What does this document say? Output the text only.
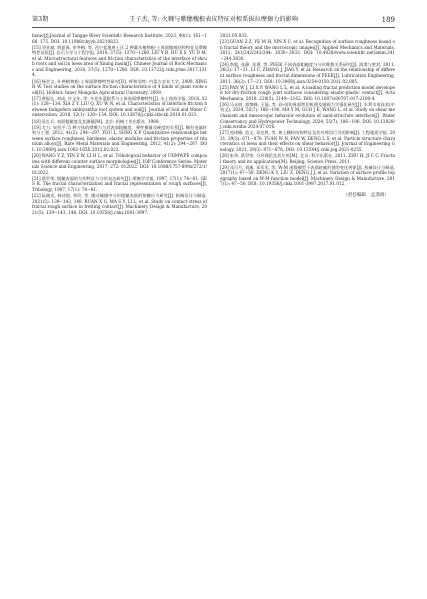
第3期	王子杰, 等: 火棘与紫穗槐根表皮特征对根系拔拉摩擦力的影响	189

faxue[J].Journal of Tangge River Scientific Research Institute, 2023, 40(1): 161−166, 175. DOI: 10.11988/ckyyb.20210822.

[15]刘亚斌, 胡夏嵩, 余冬梅, 等. 西宁盆地黄土区 2 种灌木植物根-土界面微观结构特征及摩擦特性试验[J]. 岩石力学与工程学报, 2018, 37(5): 1270−1280. LIU Y B, HU X S, YU D M, et al. Microstructural features and friction characteristics of the interface of shrub roots and soil in loess area of Xining basin[J]. Chinese Journal of Rock Mechanics and Engineering, 2018, 37(5): 1270−1280. DOI: 10.13722/j.cnki.jrme.2017.1314.

[16]杨会文. 4 种植物根-土界面摩擦特性研究[D]. 呼和浩特: 内蒙古农业大学, 2009. XING H W. Test studies on the surface friction characteristics of 4 kinds of plant roots-soil[D]. Hohhot: Inner Mongolia Agricultural University, 2009.

[17]黄振弘, 刘成, 许文年, 等. 多花木蓝根系与土体界面摩擦特性[J]. 水土保持学报, 2018, 32(1): 128−134. XIA Z Y, LIU Q, XU W N, et al. Characteristics of interface friction between Indigofera amblyantha root system and soil[J]. Journal of Soil and Water Conservation, 2018, 32(1): 128−134. DOI: 10.13870/j.cnki.stbcxb.2018.01.021.

[18]袁长兵. 表面粗糙度及其测量[M]. 北京: 机械工业出版社, 1989.

[19]尤力, 宋西平. 5 种刀丝的摩擦力与其表面粗糙度、弹性模量及硬度的关系[J]. 稀有金属材料与工程, 2012, 41(2): 294−297. YOU L, SONG X P. Quantitative relationships between surface roughness, hardness, elastic modulus and friction properties of titanium alloys[J]. Rare Metal Materials and Engineering, 2012, 41(2): 294−297. DOI: 10.3969/j.issn.1002-185X.2012.02.023.

[20]WANG Y Z, YIN Z W, LI H L, et al. Tribological behavior of UHMWPE composites with different counter surface morphologies[J]. IOP Conference Series: Materials Science and Engineering, 2017, 272: 012022. DOI: 10.1088/1757-899x/272/1/012022.

[21]葛世荣. 粗糙表面的分形特征与分形表达研究[J]. 摩擦学学报, 1997, 17(1): 74−81. GE S R. The fractal characterization and fractal representation of rough surfaces[J]. Tribology, 1997, 17(1): 74−81.

[22]阮晓光, 林诗韵, 李玲, 等. 微动碰撞中分形粗糙表面的接触应力研究[J]. 机械设计与制造, 2021(5): 139−143, 148. RUAN X G, MA S Y, LI L, et al. Study on contact stress of fractal rough surface in fretting contact[J]. Machinery Design & Manufacture, 2021(5): 139−143, 148. DOI: 10.19356/j.cnki.1001-3997.

2021.05.033.

[23]GUAN Z Z, YE M H, YIN X C, et al. Recognition of surface roughness based on fractal theory and the microscopic images[J]. Applied Mechanics and Materials, 2012, 241/242/243/244: 3030−3033. DOI: 10.4028/www.scientific.net/amm.241−244.3030.

[24]李超, 张静, 张勇, 等. PEEK 不同表面粗糙度与分形维数关系研究[J]. 润滑与密封, 2011, 36(2): 17−21. LI C, ZHANG J, JIAO Y, et al. Research on the relationship of different surface roughness and fractal dimensions of PEEK[J]. Lubrication Engineering, 2011, 36(2): 17−21. DOI: 10.3969/j.issn.0254-0150.2011.02.005.

[25]PAN W J, LI X P, WANG L L, et al. A loading fractal prediction model developed for dry-friction rough joint surfaces considering elastic-plastic contact[J]. Acta Mechanica, 2018, 229(5): 2149−2162. DOI: 10.1007/s00707-017-2100-4.

[26]马永明, 郭黎峰, 王磊, 等. 砂-结构界面剪切机理及细观力学强化研究[J]. 水利水电技术(中英文), 2024, 55(7): 186−196. MA Y M, GUO J K, WANG L, et al. Study on shear mechanism and mesoscopic behavior evolution of sand-structure interface[J]. Water Conservancy and Hydropower Technology, 2024, 55(7): 186−196. DOI: 10.13928/j.cnki.wrahe.2024.07.016.

[27]苑伟娜, 范文, 邓龙胜, 等. 黄土颗粒结构特征及其对剪切行为的影响[J]. 工程地质学报, 2021, 29(3): 871−878. YUAN W N, FAN W, DENG L S, et al. Particle structure characteristics of loess and their effects on shear behavior[J]. Journal of Engineering Geology, 2021, 29(3): 871−878. DOI: 10.13544/j.cnki.jeg.2021-0255.

[28]朱华, 葛世荣. 分形理论及其应用[M]. 北京: 科学出版社, 2011. ZHU H, JI C C. Fractal theory and its applications[M]. Beijing: Science Press, 2011.

[29]邓可月, 刘湘, 邓军军, 等. W-M 函数模型下表面轮廓形貌的变化规律[J]. 机械设计与制造, 2017(1): 47−50. DENG K Y, LIU Z, DENG J J, et al. Variation of surface profile topography based on W-M function model[J]. Machinery Design & Manufacture, 2017(1): 47−50. DOI: 10.19356/j.cnki.1001-3997.2017.01.012.

（责任编辑　孟翡靖）
